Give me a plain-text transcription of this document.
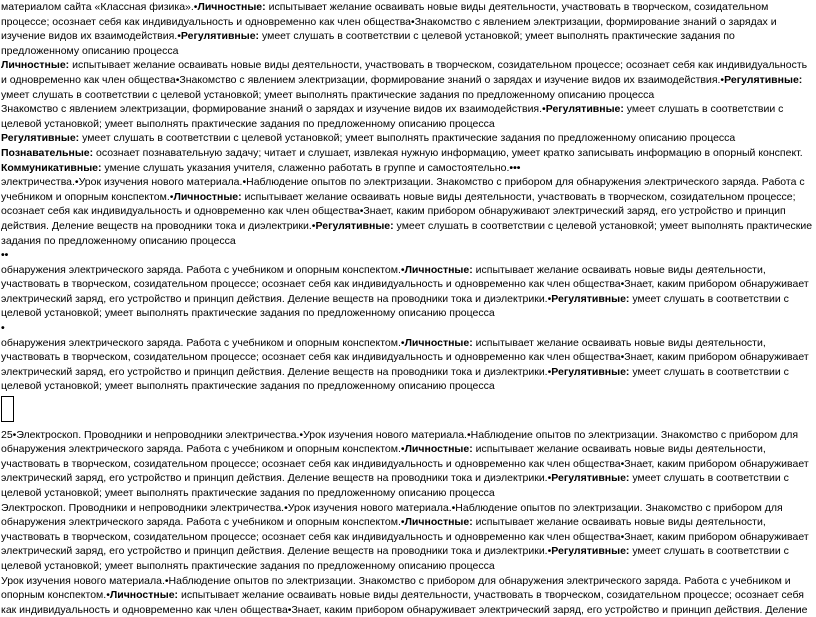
материалом сайта «Классная физика».•Личностные: испытывает желание осваивать новые виды деятельности, участвовать в творческом, созидательном процессе; осознает себя как индивидуальность и одновременно как член общества•Знакомство с явлением электризации, формирование знаний о зарядах и изучение видов их взаимодействия.•Регулятивные: умеет слушать в соответствии с целевой установкой; умеет выполнять практические задания по предложенному описанию процесса

Личностные: испытывает желание осваивать новые виды деятельности, участвовать в творческом, созидательном процессе; осознает себя как индивидуальность и одновременно как член общества•Знакомство с явлением электризации, формирование знаний о зарядах и изучение видов их взаимодействия.•Регулятивные: умеет слушать в соответствии с целевой установкой; умеет выполнять практические задания по предложенному описанию процесса

Знакомство с явлением электризации, формирование знаний о зарядах и изучение видов их взаимодействия.•Регулятивные: умеет слушать в соответствии с целевой установкой; умеет выполнять практические задания по предложенному описанию процесса

Регулятивные: умеет слушать в соответствии с целевой установкой; умеет выполнять практические задания по предложенному описанию процесса

Познавательные: осознает познавательную задачу; читает и слушает, извлекая нужную информацию, умеет кратко записывать информацию в опорный конспект.

Коммуникативные: умение слушать указания учителя, слаженно работать в группе и самостоятельно.•••

электричества.•Урок изучения нового материала.•Наблюдение опытов по электризации. Знакомство с прибором для обнаружения электрического заряда. Работа с учебником и опорным конспектом.•Личностные: испытывает желание осваивать новые виды деятельности, участвовать в творческом, созидательном процессе; осознает себя как индивидуальность и одновременно как член общества•Знает, каким прибором обнаруживают электрический заряд, его устройство и принцип действия. Деление веществ на проводники тока и диэлектрики.•Регулятивные: умеет слушать в соответствии с целевой установкой; умеет выполнять практические задания по предложенному описанию процесса

••

обнаружения электрического заряда. Работа с учебником и опорным конспектом.•Личностные: испытывает желание осваивать новые виды деятельности, участвовать в творческом, созидательном процессе; осознает себя как индивидуальность и одновременно как член общества•Знает, каким прибором обнаруживает электрический заряд, его устройство и принцип действия. Деление веществ на проводники тока и диэлектрики.•Регулятивные: умеет слушать в соответствии с целевой установкой; умеет выполнять практические задания по предложенному описанию процесса

•

обнаружения электрического заряда. Работа с учебником и опорным конспектом.•Личностные: испытывает желание осваивать новые виды деятельности, участвовать в творческом, созидательном процессе; осознает себя как индивидуальность и одновременно как член общества•Знает, каким прибором обнаруживает электрический заряд, его устройство и принцип действия. Деление веществ на проводники тока и диэлектрики.•Регулятивные: умеет слушать в соответствии с целевой установкой; умеет выполнять практические задания по предложенному описанию процесса

25•Электроскоп. Проводники и непроводники электричества.•Урок изучения нового материала.•Наблюдение опытов по электризации. Знакомство с прибором для обнаружения электрического заряда. Работа с учебником и опорным конспектом.•Личностные: испытывает желание осваивать новые виды деятельности, участвовать в творческом, созидательном процессе; осознает себя как индивидуальность и одновременно как член общества•Знает, каким прибором обнаруживает электрический заряд, его устройство и принцип действия. Деление веществ на проводники тока и диэлектрики.•Регулятивные: умеет слушать в соответствии с целевой установкой; умеет выполнять практические задания по предложенному описанию процесса

Электроскоп. Проводники и непроводники электричества.•Урок изучения нового материала.•Наблюдение опытов по электризации. Знакомство с прибором для обнаружения электрического заряда. Работа с учебником и опорным конспектом.•Личностные: испытывает желание осваивать новые виды деятельности, участвовать в творческом, созидательном процессе; осознает себя как индивидуальность и одновременно как член общества•Знает, каким прибором обнаруживает электрический заряд, его устройство и принцип действия. Деление веществ на проводники тока и диэлектрики.•Регулятивные: умеет слушать в соответствии с целевой установкой; умеет выполнять практические задания по предложенному описанию процесса

Урок изучения нового материала.•Наблюдение опытов по электризации. Знакомство с прибором для обнаружения электрического заряда. Работа с учебником и опорным конспектом.•Личностные: испытывает желание осваивать новые виды деятельности, участвовать в творческом, созидательном процессе; осознает себя как индивидуальность и одновременно как член общества•Знает, каким прибором обнаруживает электрический заряд, его устройство и принцип действия. Деление
